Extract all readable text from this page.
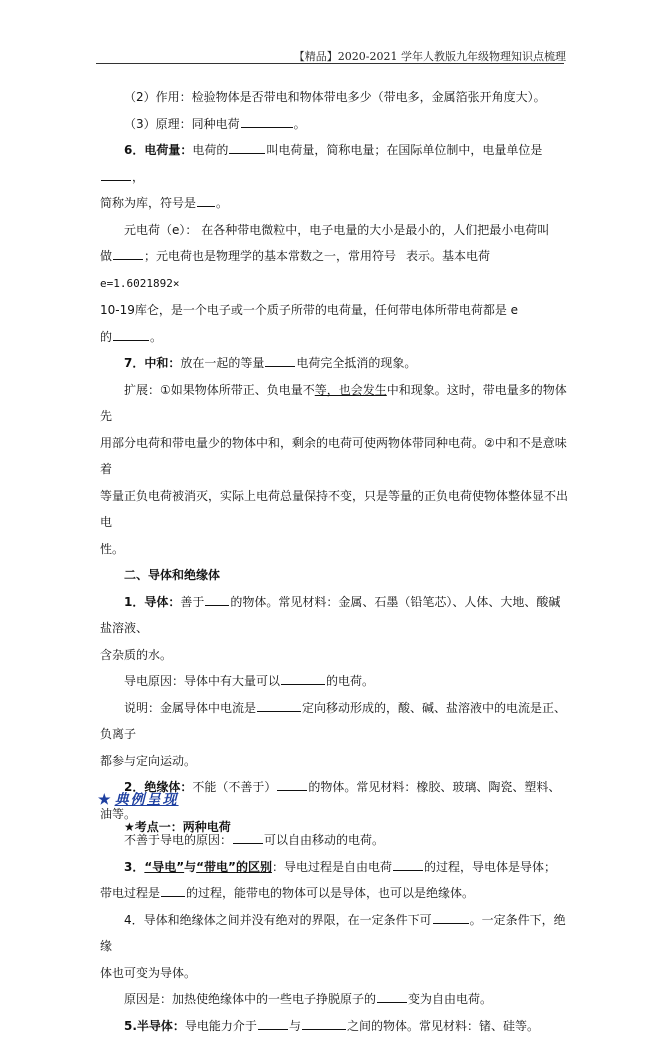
【精品】2020-2021 学年人教版九年级物理知识点梳理

（2）作用：检验物体是否带电和物体带电多少（带电多，金属箔张开角度大）。

（3）原理：同种电荷	。

6．电荷量：电荷的	叫电荷量，简称电量；在国际单位制中，电量单位是，

简称为库，符号是 。

元电荷（e）： 在各种带电微粒中，电子电量的大小是最小的，人们把最小电荷叫

做	；元电荷也是物理学的基本常数之一，常用符号 表示。基本电荷 e=1.6021892×

10-19库仑，是一个电子或一个质子所带的电荷量，任何带电体所带电荷都是 e

的	。

7．中和：放在一起的等量	电荷完全抵消的现象。

扩展：①如果物体所带正、负电量不等，也会发生中和现象。这时，带电量多的物体先

用部分电荷和带电量少的物体中和，剩余的电荷可使两物体带同种电荷。②中和不是意味着

等量正负电荷被消灭，实际上电荷总量保持不变，只是等量的正负电荷使物体整体显不出电

性。

二、导体和绝缘体

1．导体：善于 的物体。常见材料：金属、石墨（铅笔芯）、人体、大地、酸碱盐溶液、

含杂质的水。

导电原因：导体中有大量可以	的电荷。

说明：金属导体中电流是	定向移动形成的，酸、碱、盐溶液中的电流是正、负离子

都参与定向运动。

2．绝缘体：不能（不善于）	的物体。常见材料：橡胶、玻璃、陶瓷、塑料、油等。

不善于导电的原因：	可以自由移动的电荷。

3．“导电”与“带电”的区别：导电过程是自由电荷	的过程，导电体是导体；

带电过程是 的过程，能带电的物体可以是导体，也可以是绝缘体。

4．导体和绝缘体之间并没有绝对的界限，在一定条件下可	。一定条件下，绝缘

体也可变为导体。

原因是：加热使绝缘体中的一些电子挣脱原子的	变为自由电荷。

5.半导体：导电能力介于	与	之间的物体。常见材料：锗、硅等。

★ 典例呈现
★考点一：两种电荷
